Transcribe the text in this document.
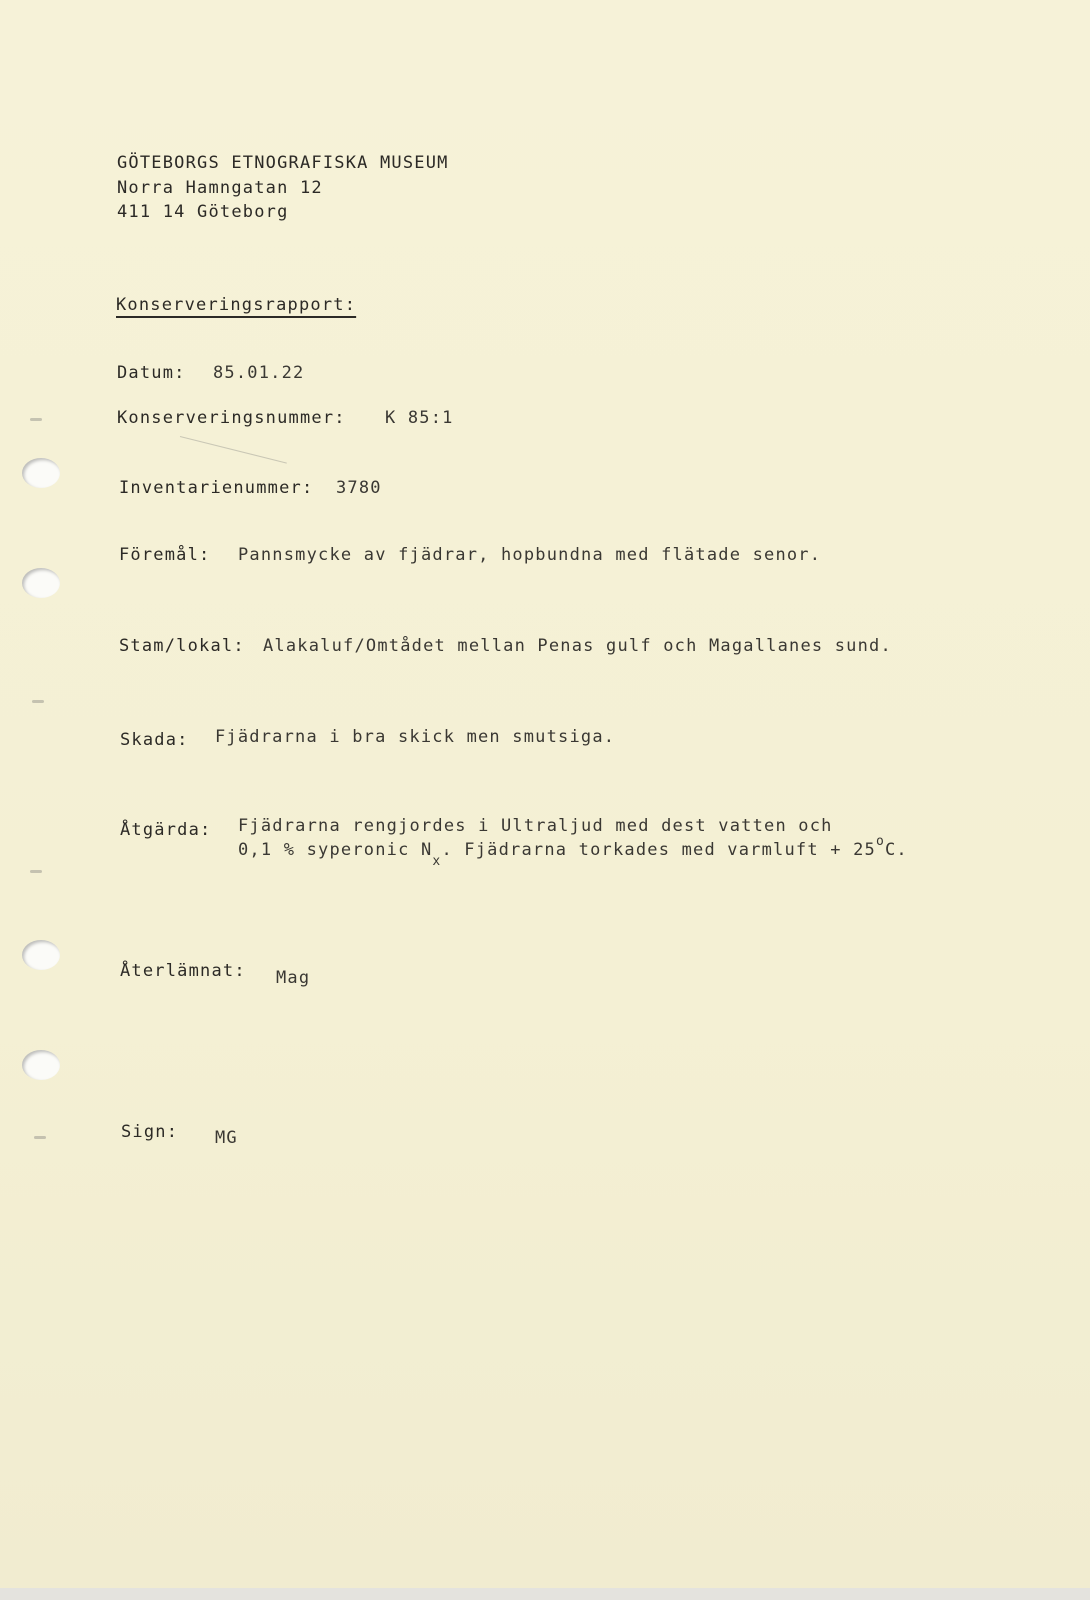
GÖTEBORGS ETNOGRAFISKA MUSEUM
Norra Hamngatan 12
411 14 Göteborg
Konserveringsrapport:
Datum: 85.01.22
Konserveringsnummer: K 85:1
Inventarienummer: 3780
Föremål: Pannsmycke av fjädrar, hopbundna med flätade senor.
Stam/lokal: Alakaluf/Omtådet mellan Penas gulf och Magallanes sund.
Skada: Fjädrarna i bra skick men smutsiga.
Åtgärda: Fjädrarna rengjordes i Ultraljud med dest vatten och
0,1 % syperonic $N_x$. Fjädrarna torkades med varmluft + $25^oC$.
Återlämnat: Mag
Sign: MG
